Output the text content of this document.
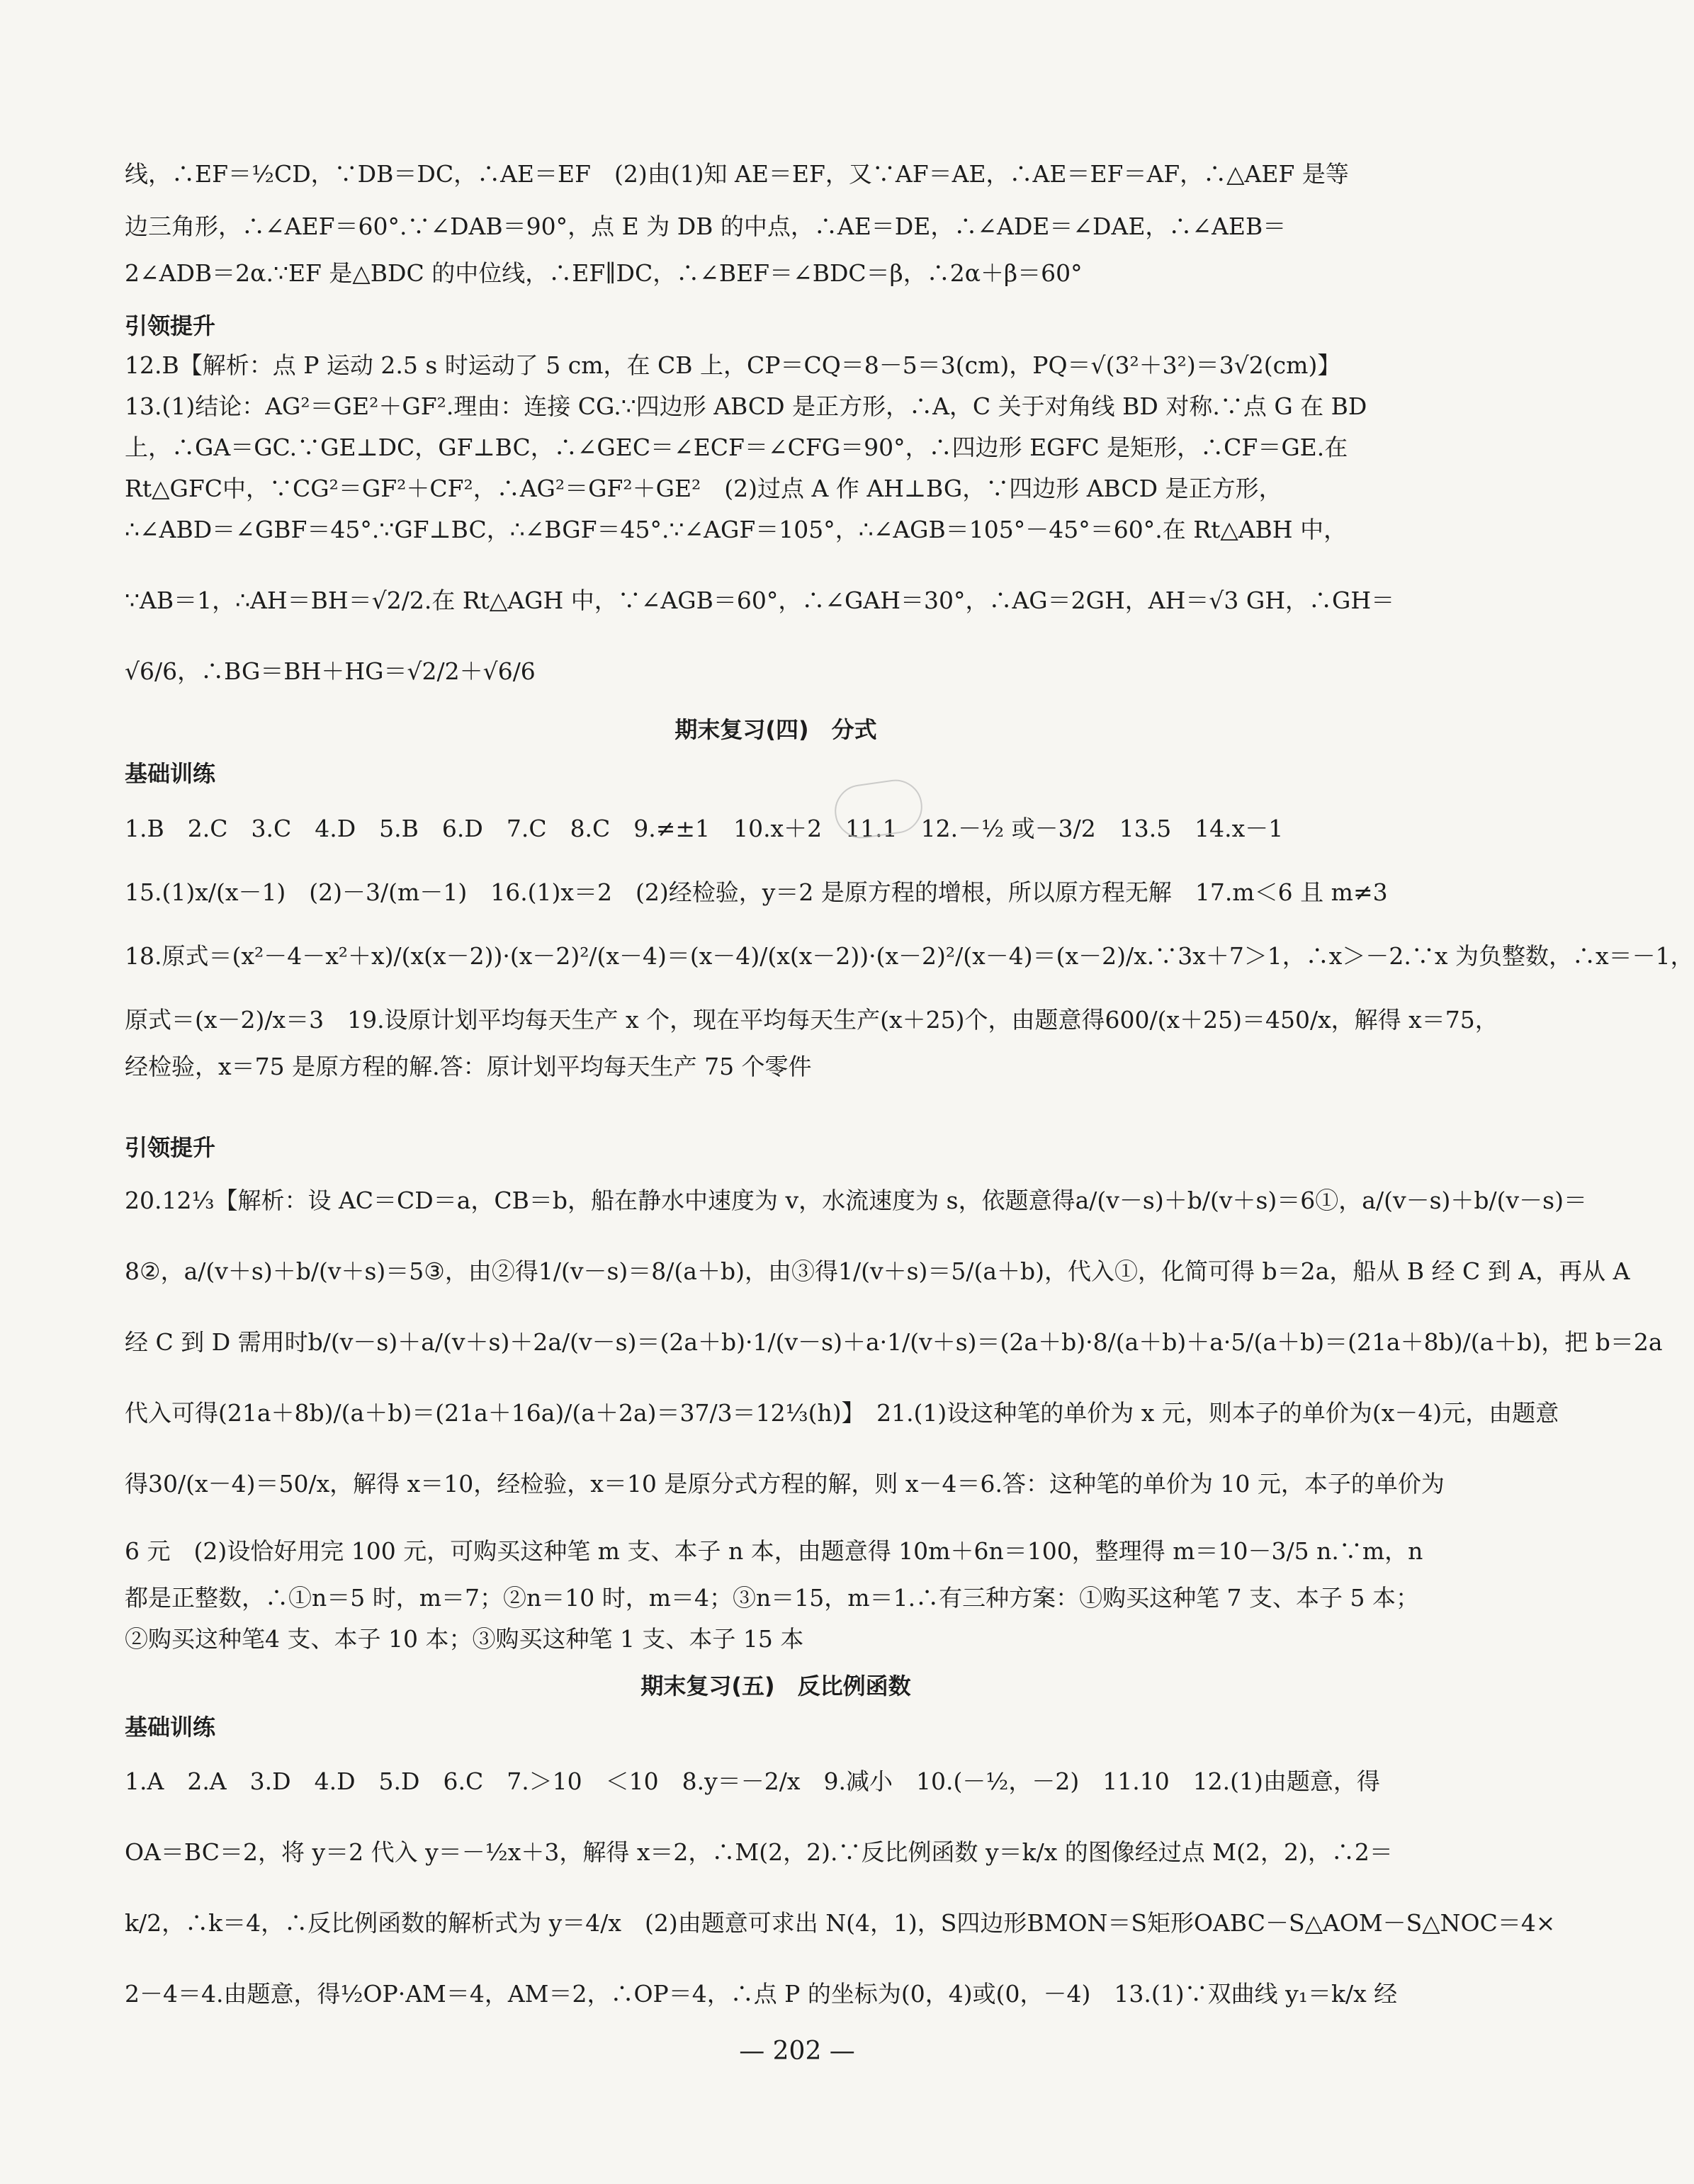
线，∴EF＝½CD，∵DB＝DC，∴AE＝EF　(2)由(1)知 AE＝EF，又∵AF＝AE，∴AE＝EF＝AF，∴△AEF 是等
边三角形，∴∠AEF＝60°.∵∠DAB＝90°，点 E 为 DB 的中点，∴AE＝DE，∴∠ADE＝∠DAE，∴∠AEB＝
2∠ADB＝2α.∵EF 是△BDC 的中位线，∴EF∥DC，∴∠BEF＝∠BDC＝β，∴2α＋β＝60°
引领提升
12.B【解析：点 P 运动 2.5 s 时运动了 5 cm，在 CB 上，CP＝CQ＝8－5＝3(cm)，PQ＝√(3²＋3²)＝3√2(cm)】
13.(1)结论：AG²＝GE²＋GF².理由：连接 CG.∵四边形 ABCD 是正方形，∴A，C 关于对角线 BD 对称.∵点 G 在 BD
上，∴GA＝GC.∵GE⊥DC，GF⊥BC，∴∠GEC＝∠ECF＝∠CFG＝90°，∴四边形 EGFC 是矩形，∴CF＝GE.在
Rt△GFC中，∵CG²＝GF²＋CF²，∴AG²＝GF²＋GE²　(2)过点 A 作 AH⊥BG，∵四边形 ABCD 是正方形，
∴∠ABD＝∠GBF＝45°.∵GF⊥BC，∴∠BGF＝45°.∵∠AGF＝105°，∴∠AGB＝105°－45°＝60°.在 Rt△ABH 中，
∵AB＝1，∴AH＝BH＝√2/2.在 Rt△AGH 中，∵∠AGB＝60°，∴∠GAH＝30°，∴AG＝2GH，AH＝√3 GH，∴GH＝
√6/6，∴BG＝BH＋HG＝√2/2＋√6/6
期末复习(四)　分式
基础训练
1.B　2.C　3.C　4.D　5.B　6.D　7.C　8.C　9.≠±1　10.x＋2　11.1　12.－½ 或－3/2　13.5　14.x－1
15.(1)x/(x－1)　(2)－3/(m－1)　16.(1)x＝2　(2)经检验，y＝2 是原方程的增根，所以原方程无解　17.m＜6 且 m≠3
18.原式＝(x²－4－x²＋x)/(x(x－2))·(x－2)²/(x－4)＝(x－4)/(x(x－2))·(x－2)²/(x－4)＝(x－2)/x.∵3x＋7＞1，∴x＞－2.∵x 为负整数，∴x＝－1，
原式＝(x－2)/x＝3　19.设原计划平均每天生产 x 个，现在平均每天生产(x＋25)个，由题意得600/(x＋25)＝450/x，解得 x＝75，
经检验，x＝75 是原方程的解.答：原计划平均每天生产 75 个零件
引领提升
20.12⅓【解析：设 AC＝CD＝a，CB＝b，船在静水中速度为 v，水流速度为 s，依题意得a/(v－s)＋b/(v＋s)＝6①，a/(v－s)＋b/(v－s)＝
8②，a/(v＋s)＋b/(v＋s)＝5③，由②得1/(v－s)＝8/(a＋b)，由③得1/(v＋s)＝5/(a＋b)，代入①，化简可得 b＝2a，船从 B 经 C 到 A，再从 A
经 C 到 D 需用时b/(v－s)＋a/(v＋s)＋2a/(v－s)＝(2a＋b)·1/(v－s)＋a·1/(v＋s)＝(2a＋b)·8/(a＋b)＋a·5/(a＋b)＝(21a＋8b)/(a＋b)，把 b＝2a
代入可得(21a＋8b)/(a＋b)＝(21a＋16a)/(a＋2a)＝37/3＝12⅓(h)】　21.(1)设这种笔的单价为 x 元，则本子的单价为(x－4)元，由题意
得30/(x－4)＝50/x，解得 x＝10，经检验，x＝10 是原分式方程的解，则 x－4＝6.答：这种笔的单价为 10 元，本子的单价为
6 元　(2)设恰好用完 100 元，可购买这种笔 m 支、本子 n 本，由题意得 10m＋6n＝100，整理得 m＝10－3/5 n.∵m，n
都是正整数，∴①n＝5 时，m＝7；②n＝10 时，m＝4；③n＝15，m＝1.∴有三种方案：①购买这种笔 7 支、本子 5 本；
②购买这种笔4 支、本子 10 本；③购买这种笔 1 支、本子 15 本
期末复习(五)　反比例函数
基础训练
1.A　2.A　3.D　4.D　5.D　6.C　7.＞10　＜10　8.y＝－2/x　9.减小　10.(－½，－2)　11.10　12.(1)由题意，得
OA＝BC＝2，将 y＝2 代入 y＝－½x＋3，解得 x＝2，∴M(2，2).∵反比例函数 y＝k/x 的图像经过点 M(2，2)，∴2＝
k/2，∴k＝4，∴反比例函数的解析式为 y＝4/x　(2)由题意可求出 N(4，1)，S四边形BMON＝S矩形OABC－S△AOM－S△NOC＝4×
2－4＝4.由题意，得½OP·AM＝4，AM＝2，∴OP＝4，∴点 P 的坐标为(0，4)或(0，－4)　13.(1)∵双曲线 y₁＝k/x 经

— 202 —
